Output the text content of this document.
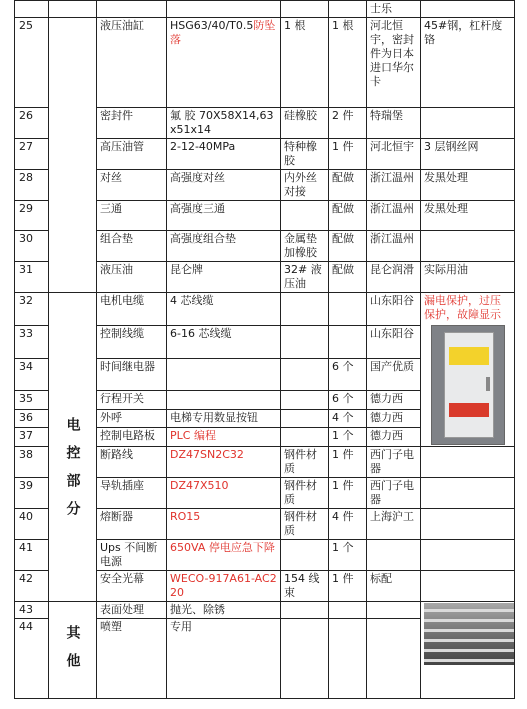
						士乐	
25		液压油缸	HSG63/40/T0.5防坠落	1 根	1 根	河北恒宇，密封件为日本进口华尔卡	45#钢，杠杆度铬
26		密封件	氟 胶 70X58X14,63x51x14	硅橡胶	2 件	特瑞堡	
27		高压油管	2-12-40MPa	特种橡胶	1 件	河北恒宇	3 层钢丝网
28		对丝	高强度对丝	内外丝对接	配做	浙江温州	发黑处理
29		三通	高强度三通		配做	浙江温州	发黑处理
30		组合垫	高强度组合垫	金属垫加橡胶	配做	浙江温州	
31		液压油	昆仑牌	32# 液压油	配做	昆仑润滑	实际用油
32	电控部分	电机电缆	4 芯线缆			山东阳谷	漏电保护，过压保护，故障显示

33		控制线缆	6-16 芯线缆			山东阳谷	
34		时间继电器			6 个	国产优质	
35		行程开关			6 个	德力西	
36		外呼	电梯专用数显按钮		4 个	德力西	
37		控制电路板	PLC 编程		1 个	德力西	
38		断路线	DZ47SN2C32	钢件材质	1 件	西门子电器	
39		导轨插座	DZ47X510	钢件材质	1 件	西门子电器	
40		熔断器	RO15	钢件材质	4 件	上海沪工	
41		Ups 不间断电源	650VA 停电应急下降		1 个		
42		安全光幕	WECO-917A61-AC220	154 线束	1 件	标配	
43	其他	表面处理	抛光、除锈				

44		喷塑	专用				
